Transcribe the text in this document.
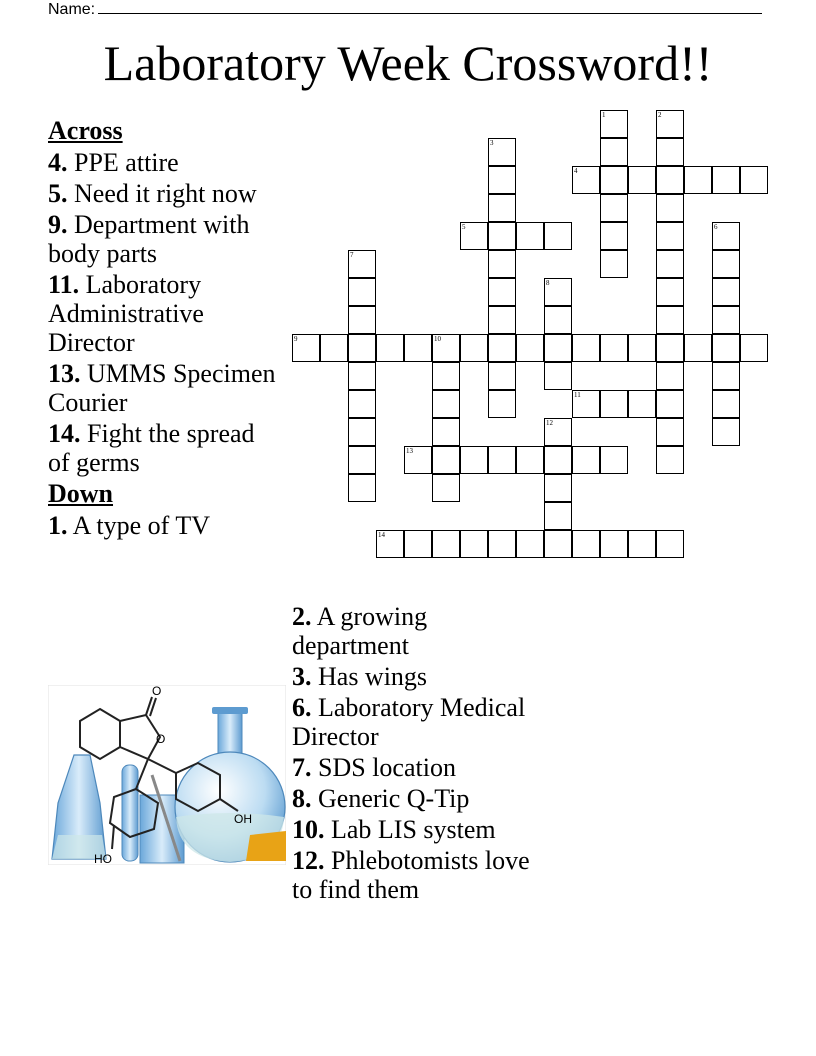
Name:
Laboratory Week Crossword!!
Across
4. PPE attire
5. Need it right now
9. Department with body parts
11. Laboratory Administrative Director
13. UMMS Specimen Courier
14. Fight the spread of germs
Down
1. A type of TV
2. A growing department
3. Has wings
6. Laboratory Medical Director
7. SDS location
8. Generic Q-Tip
10. Lab LIS system
12. Phlebotomists love to find them
1	2
3
4
5	6
7
8
9	10
11
12
13
14
O
O
OH
HO
